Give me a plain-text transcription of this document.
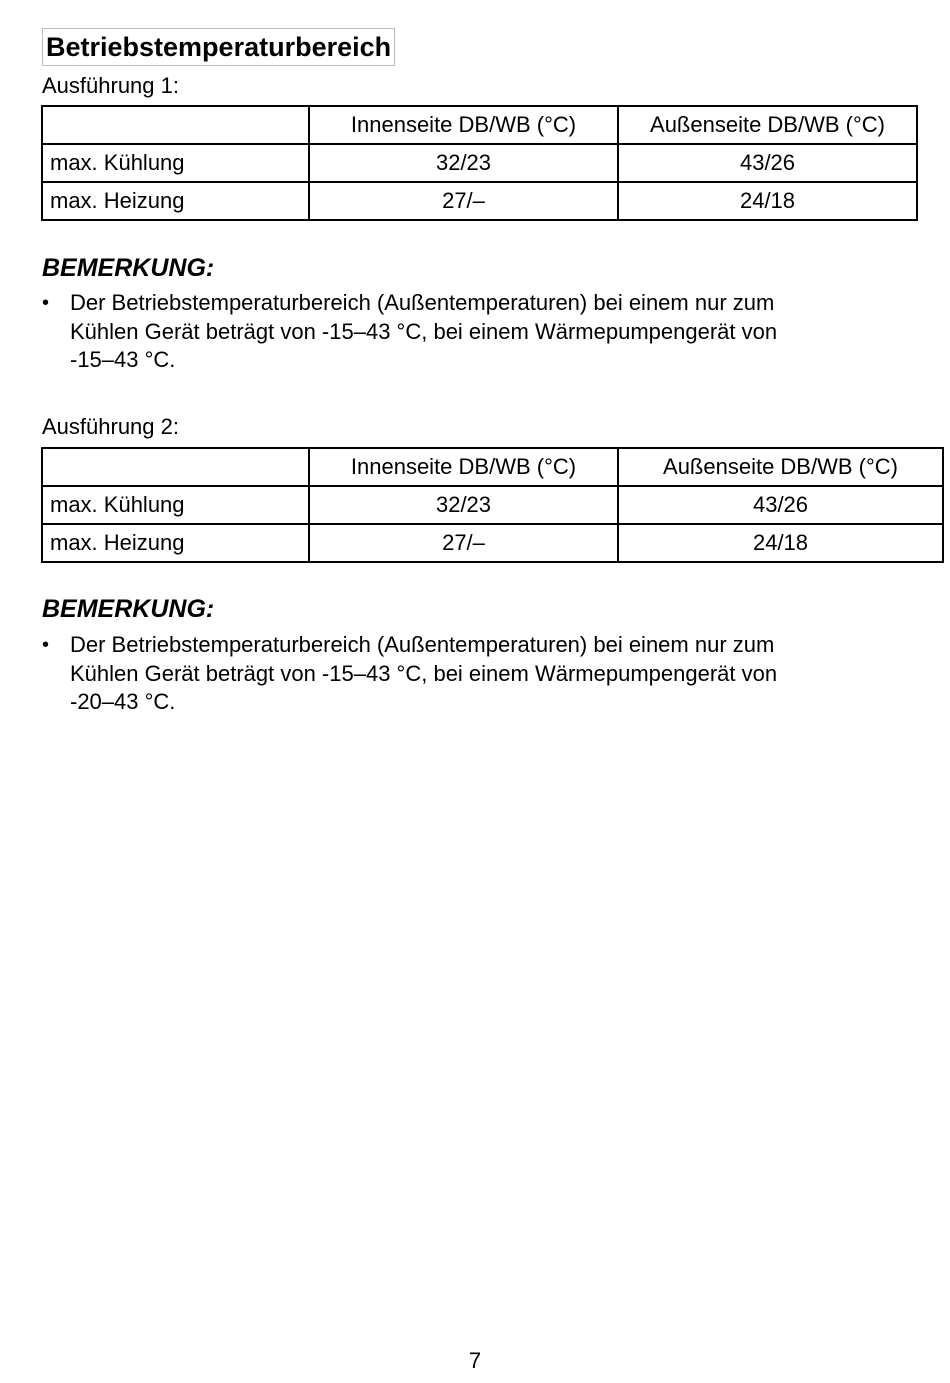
Betriebstemperaturbereich
Ausführung 1:
	Innenseite DB/WB (°C)	Außenseite DB/WB (°C)
max. Kühlung	32/23	43/26
max. Heizung	27/–	24/18
BEMERKUNG:
• Der Betriebstemperaturbereich (Außentemperaturen) bei einem nur zum
Kühlen Gerät beträgt von -15–43 °C, bei einem Wärmepumpengerät von
-15–43 °C.
Ausführung 2:
	Innenseite DB/WB (°C)	Außenseite DB/WB (°C)
max. Kühlung	32/23	43/26
max. Heizung	27/–	24/18
BEMERKUNG:
• Der Betriebstemperaturbereich (Außentemperaturen) bei einem nur zum
Kühlen Gerät beträgt von -15–43 °C, bei einem Wärmepumpengerät von
-20–43 °C.
7
